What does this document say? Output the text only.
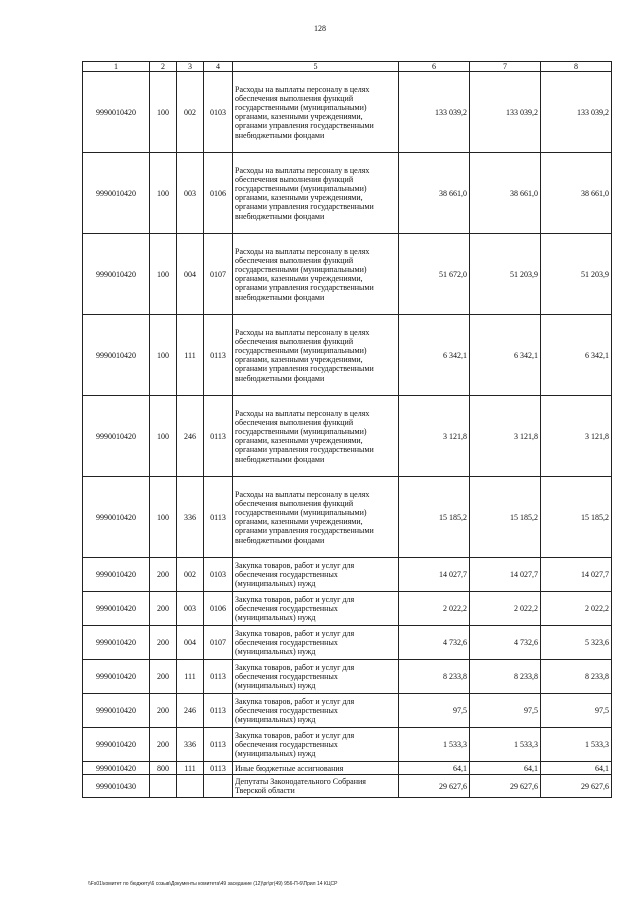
128
1	2	3	4	5	6	7	8
9990010420	100	002	0103	Расходы на выплаты персоналу в целях обеспечения выполнения функций государственными (муниципальными) органами, казенными учреждениями, органами управления государственными внебюджетными фондами	133 039,2	133 039,2	133 039,2
9990010420	100	003	0106	Расходы на выплаты персоналу в целях обеспечения выполнения функций государственными (муниципальными) органами, казенными учреждениями, органами управления государственными внебюджетными фондами	38 661,0	38 661,0	38 661,0
9990010420	100	004	0107	Расходы на выплаты персоналу в целях обеспечения выполнения функций государственными (муниципальными) органами, казенными учреждениями, органами управления государственными внебюджетными фондами	51 672,0	51 203,9	51 203,9
9990010420	100	111	0113	Расходы на выплаты персоналу в целях обеспечения выполнения функций государственными (муниципальными) органами, казенными учреждениями, органами управления государственными внебюджетными фондами	6 342,1	6 342,1	6 342,1
9990010420	100	246	0113	Расходы на выплаты персоналу в целях обеспечения выполнения функций государственными (муниципальными) органами, казенными учреждениями, органами управления государственными внебюджетными фондами	3 121,8	3 121,8	3 121,8
9990010420	100	336	0113	Расходы на выплаты персоналу в целях обеспечения выполнения функций государственными (муниципальными) органами, казенными учреждениями, органами управления государственными внебюджетными фондами	15 185,2	15 185,2	15 185,2
9990010420	200	002	0103	Закупка товаров, работ и услуг для обеспечения государственных (муниципальных) нужд	14 027,7	14 027,7	14 027,7
9990010420	200	003	0106	Закупка товаров, работ и услуг для обеспечения государственных (муниципальных) нужд	2 022,2	2 022,2	2 022,2
9990010420	200	004	0107	Закупка товаров, работ и услуг для обеспечения государственных (муниципальных) нужд	4 732,6	4 732,6	5 323,6
9990010420	200	111	0113	Закупка товаров, работ и услуг для обеспечения государственных (муниципальных) нужд	8 233,8	8 233,8	8 233,8
9990010420	200	246	0113	Закупка товаров, работ и услуг для обеспечения государственных (муниципальных) нужд	97,5	97,5	97,5
9990010420	200	336	0113	Закупка товаров, работ и услуг для обеспечения государственных (муниципальных) нужд	1 533,3	1 533,3	1 533,3
9990010420	800	111	0113	Иные бюджетные ассигнования	64,1	64,1	64,1
9990010430				Депутаты Законодательного Собрания Тверской области	29 627,6	29 627,6	29 627,6
\\Fs01\комитет по бюджету\6 созыв\Документы комитета\49 заседание (12)\pr\pr(49) 956-П-6\Прил 14 КЦСР
